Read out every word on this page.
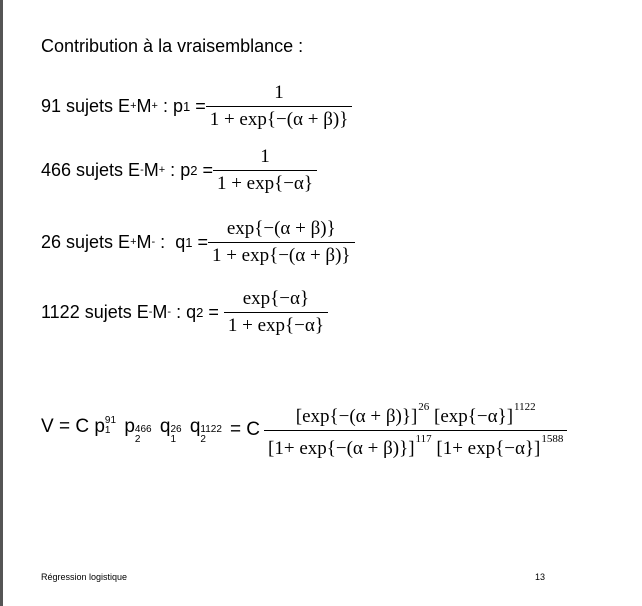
Contribution à la vraisemblance :
91 sujets E + M + : p $1 = \frac{1}{1 + \exp\{-(\alpha + \beta)\}}$
466 sujets E - M + : p $2 = \frac{1}{1 + \exp\{-\alpha\}}$
26 sujets E + M - : q $1 = \frac{\exp\{-(\alpha + \beta)\}}{1 + \exp\{-(\alpha + \beta)\}}$
1122 sujets E - M - : q $2 = \frac{\exp\{-\alpha\}}{1 + \exp\{-\alpha\}}$
V = C p 91
1 p 466
2
q 26
1
q 1122
2	= C $\frac{[\exp\{-(\alpha + \beta)\}]^{26} [\exp\{-\alpha\}]^{1122}}{[1+ \exp\{-(\alpha + \beta)\}]^{117} [1+ \exp\{-\alpha\}]^{1588}}$
Régression logistique	13
